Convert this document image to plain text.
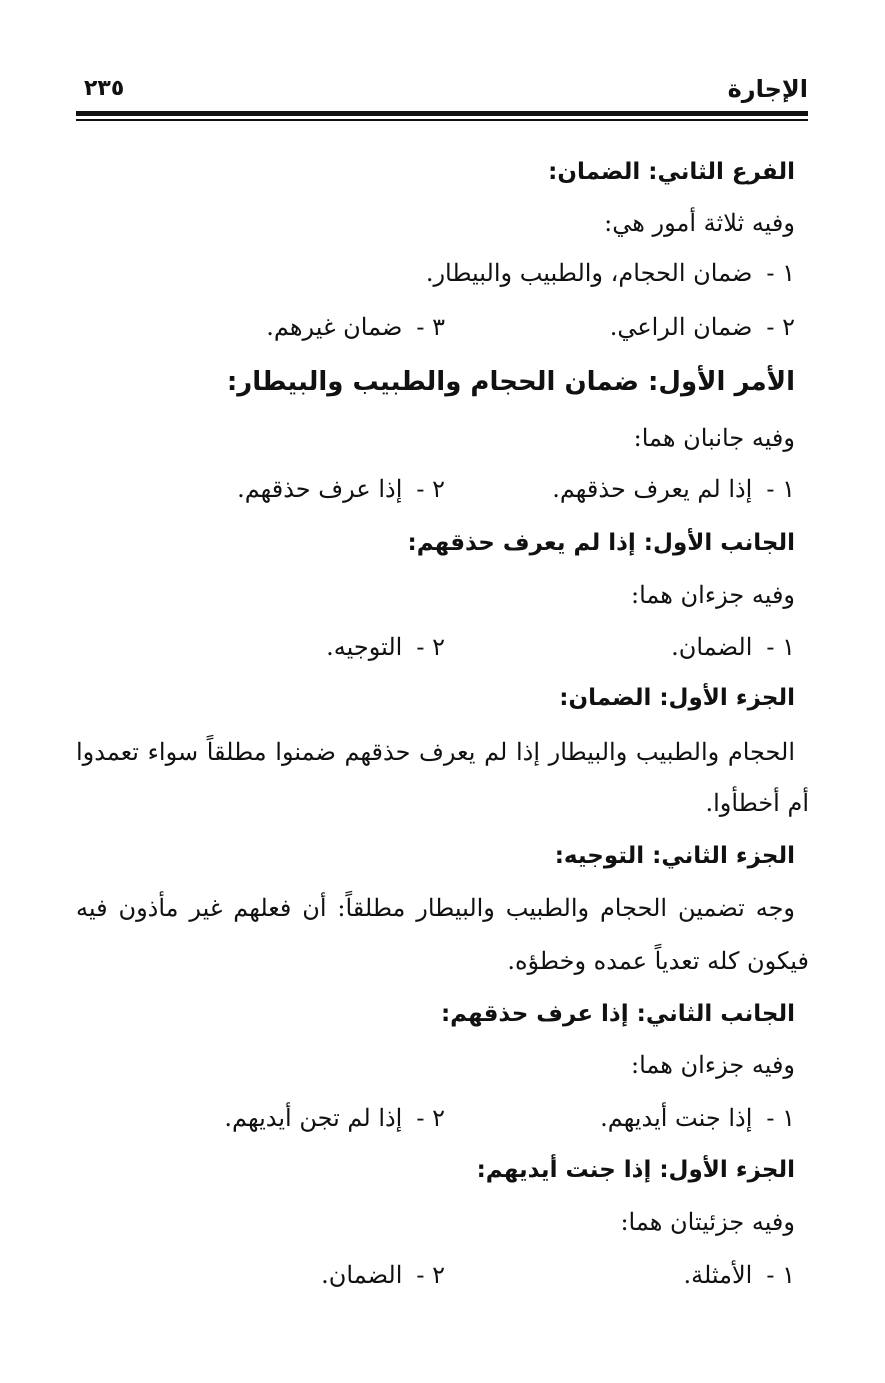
الإجارة
٢٣٥
الفرع الثاني: الضمان:
وفيه ثلاثة أمور هي:
١ -ضمان الحجام، والطبيب والبيطار.
٢ -ضمان الراعي.
٣ -ضمان غيرهم.
الأمر الأول: ضمان الحجام والطبيب والبيطار:
وفيه جانبان هما:
١ -إذا لم يعرف حذقهم.
٢ -إذا عرف حذقهم.
الجانب الأول: إذا لم يعرف حذقهم:
وفيه جزءان هما:
١ -الضمان.
٢ -التوجيه.
الجزء الأول: الضمان:
الحجام والطبيب والبيطار إذا لم يعرف حذقهم ضمنوا مطلقاً سواء تعمدوا
أم أخطأوا.
الجزء الثاني: التوجيه:
وجه تضمين الحجام والطبيب والبيطار مطلقاً: أن فعلهم غير مأذون فيه
فيكون كله تعدياً عمده وخطؤه.
الجانب الثاني: إذا عرف حذقهم:
وفيه جزءان هما:
١ -إذا جنت أيديهم.
٢ -إذا لم تجن أيديهم.
الجزء الأول: إذا جنت أيديهم:
وفيه جزئيتان هما:
١ -الأمثلة.
٢ -الضمان.
